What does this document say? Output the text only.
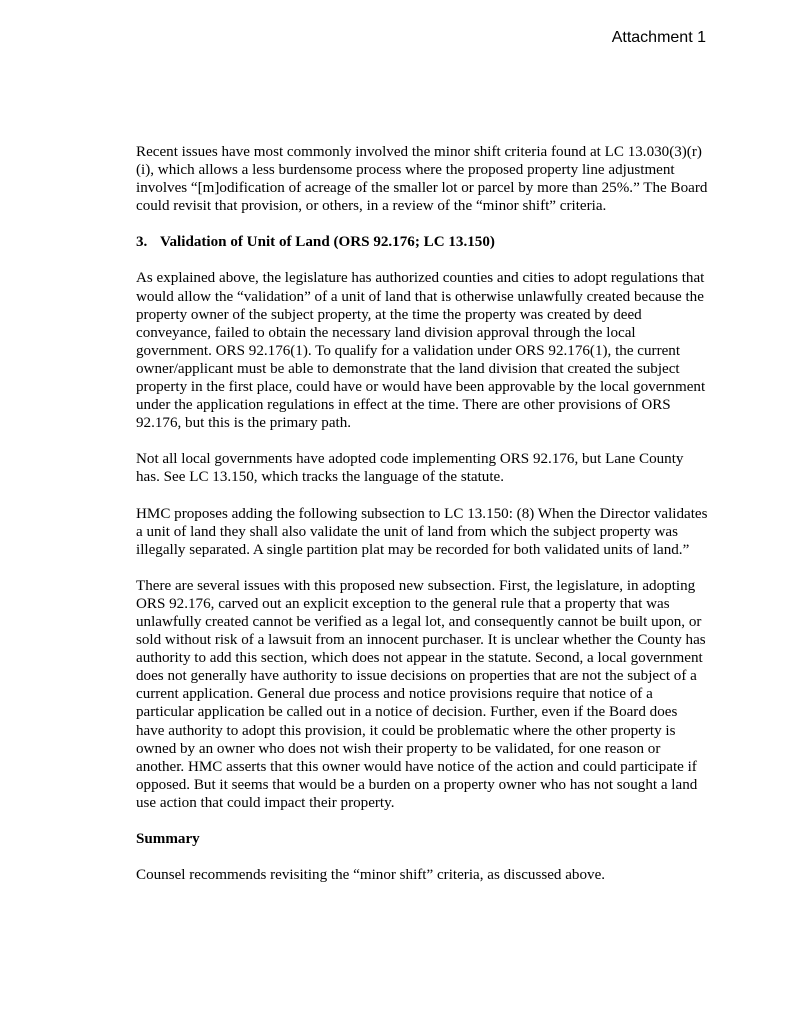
Attachment 1

Recent issues have most commonly involved the minor shift criteria found at LC 13.030(3)(r)(i), which allows a less burdensome process where the proposed property line adjustment involves “[m]odification of acreage of the smaller lot or parcel by more than 25%.” The Board could revisit that provision, or others, in a review of the “minor shift” criteria.

3. Validation of Unit of Land (ORS 92.176; LC 13.150)

As explained above, the legislature has authorized counties and cities to adopt regulations that would allow the “validation” of a unit of land that is otherwise unlawfully created because the property owner of the subject property, at the time the property was created by deed conveyance, failed to obtain the necessary land division approval through the local government. ORS 92.176(1). To qualify for a validation under ORS 92.176(1), the current owner/applicant must be able to demonstrate that the land division that created the subject property in the first place, could have or would have been approvable by the local government under the application regulations in effect at the time. There are other provisions of ORS 92.176, but this is the primary path.

Not all local governments have adopted code implementing ORS 92.176, but Lane County has. See LC 13.150, which tracks the language of the statute.

HMC proposes adding the following subsection to LC 13.150: (8) When the Director validates a unit of land they shall also validate the unit of land from which the subject property was illegally separated. A single partition plat may be recorded for both validated units of land.”

There are several issues with this proposed new subsection. First, the legislature, in adopting ORS 92.176, carved out an explicit exception to the general rule that a property that was unlawfully created cannot be verified as a legal lot, and consequently cannot be built upon, or sold without risk of a lawsuit from an innocent purchaser. It is unclear whether the County has authority to add this section, which does not appear in the statute. Second, a local government does not generally have authority to issue decisions on properties that are not the subject of a current application. General due process and notice provisions require that notice of a particular application be called out in a notice of decision. Further, even if the Board does have authority to adopt this provision, it could be problematic where the other property is owned by an owner who does not wish their property to be validated, for one reason or another. HMC asserts that this owner would have notice of the action and could participate if opposed. But it seems that would be a burden on a property owner who has not sought a land use action that could impact their property.

Summary

Counsel recommends revisiting the “minor shift” criteria, as discussed above.
